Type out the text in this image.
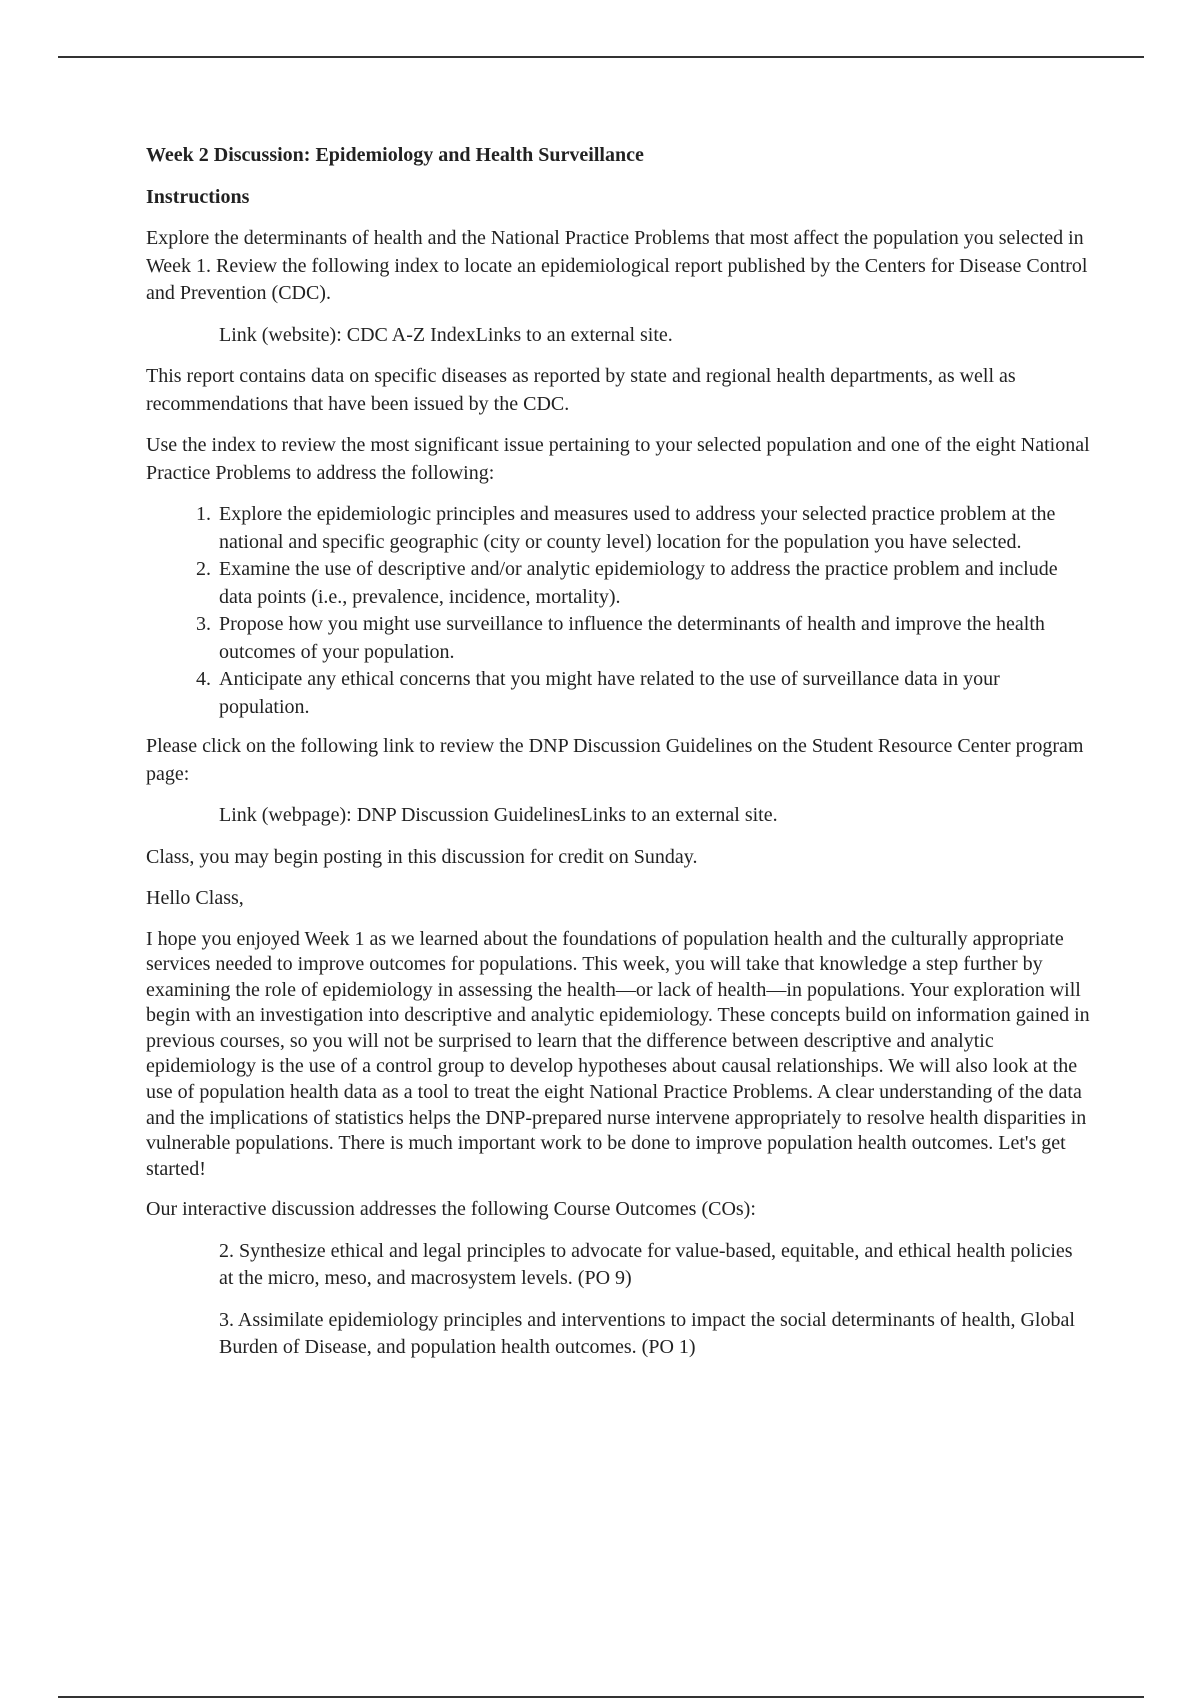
Week 2 Discussion: Epidemiology and Health Surveillance

Instructions

Explore the determinants of health and the National Practice Problems that most affect the population you selected in Week 1. Review the following index to locate an epidemiological report published by the Centers for Disease Control and Prevention (CDC).

Link (website): CDC A-Z IndexLinks to an external site.

This report contains data on specific diseases as reported by state and regional health departments, as well as recommendations that have been issued by the CDC.

Use the index to review the most significant issue pertaining to your selected population and one of the eight National Practice Problems to address the following:

1. Explore the epidemiologic principles and measures used to address your selected practice problem at the national and specific geographic (city or county level) location for the population you have selected.
2. Examine the use of descriptive and/or analytic epidemiology to address the practice problem and include data points (i.e., prevalence, incidence, mortality).
3. Propose how you might use surveillance to influence the determinants of health and improve the health outcomes of your population.
4. Anticipate any ethical concerns that you might have related to the use of surveillance data in your population.

Please click on the following link to review the DNP Discussion Guidelines on the Student Resource Center program page:

Link (webpage): DNP Discussion GuidelinesLinks to an external site.

Class, you may begin posting in this discussion for credit on Sunday.

Hello Class,

I hope you enjoyed Week 1 as we learned about the foundations of population health and the culturally appropriate services needed to improve outcomes for populations. This week, you will take that knowledge a step further by examining the role of epidemiology in assessing the health—or lack of health—in populations. Your exploration will begin with an investigation into descriptive and analytic epidemiology. These concepts build on information gained in previous courses, so you will not be surprised to learn that the difference between descriptive and analytic epidemiology is the use of a control group to develop hypotheses about causal relationships. We will also look at the use of population health data as a tool to treat the eight National Practice Problems. A clear understanding of the data and the implications of statistics helps the DNP-prepared nurse intervene appropriately to resolve health disparities in vulnerable populations. There is much important work to be done to improve population health outcomes. Let's get started!

Our interactive discussion addresses the following Course Outcomes (COs):

2. Synthesize ethical and legal principles to advocate for value-based, equitable, and ethical health policies at the micro, meso, and macrosystem levels. (PO 9)

3. Assimilate epidemiology principles and interventions to impact the social determinants of health, Global Burden of Disease, and population health outcomes. (PO 1)
